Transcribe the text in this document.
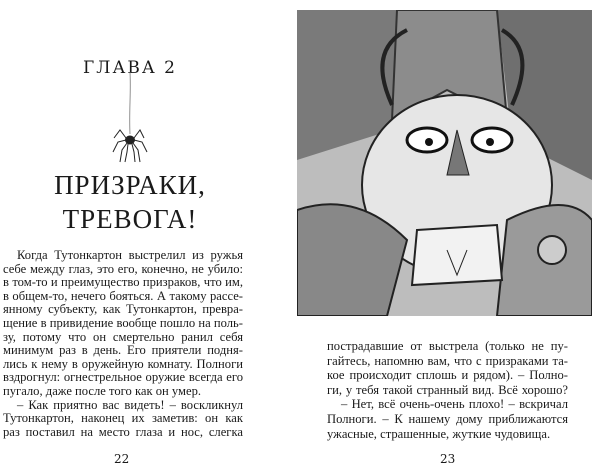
ГЛАВА 2
ПРИЗРАКИ,
ТРЕВОГА!
Когда Тутонкартон выстрелил из ружья
себе между глаз, это его, конечно, не убило:
в том-то и преимущество призраков, что им,
в общем-то, нечего бояться. А такому рассе-
янному субъекту, как Тутонкартон, превра-
щение в привидение вообще пошло на поль-
зу, потому что он смертельно ранил себя
минимум раз в день. Его приятели подня-
лись к нему в оружейную комнату. Полноги
вздрогнул: огнестрельное оружие всегда его
пугало, даже после того как он умер.
– Как приятно вас видеть! – воскликнул
Тутонкартон, наконец их заметив: он как
раз поставил на место глаза и нос, слегка
22
пострадавшие от выстрела (только не пу-
гайтесь, напомню вам, что с призраками та-
кое происходит сплошь и рядом). – Полно-
ги, у тебя такой странный вид. Всё хорошо?
– Нет, всё очень-очень плохо! – вскричал
Полноги. – К нашему дому приближаются
ужасные, страшенные, жуткие чудовища.
23
